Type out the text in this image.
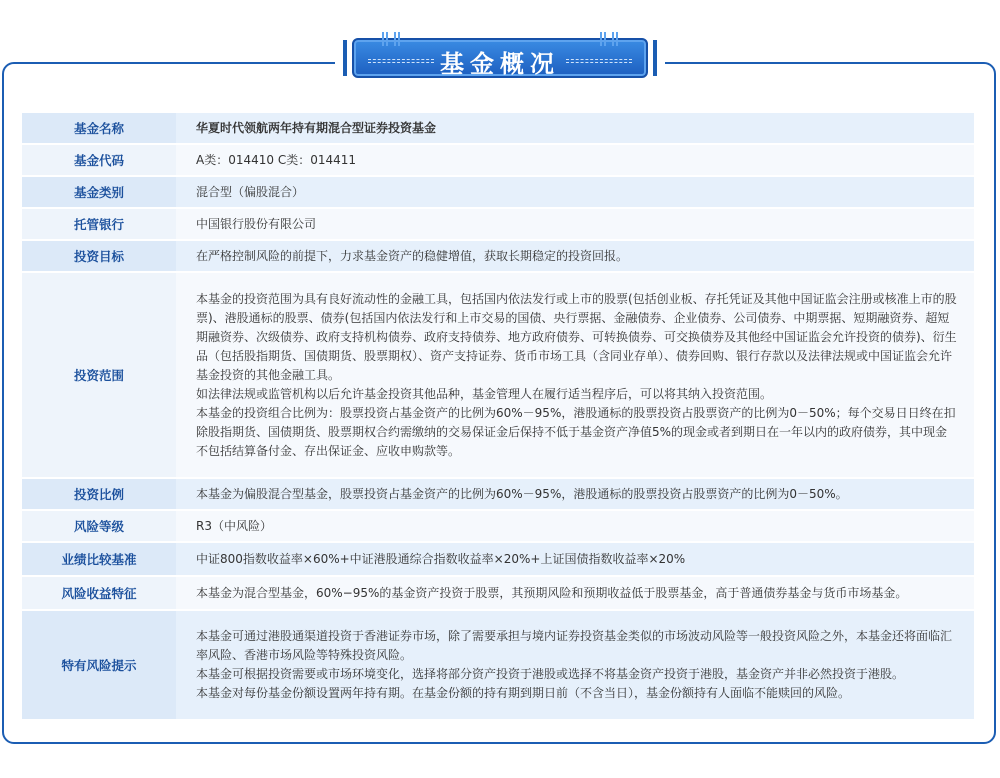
基金概况
基金名称	华夏时代领航两年持有期混合型证券投资基金

基金代码	A类：014410 C类：014411

基金类别	混合型（偏股混合）

托管银行	中国银行股份有限公司

投资目标	在严格控制风险的前提下，力求基金资产的稳健增值，获取长期稳定的投资回报。

投资范围	本基金的投资范围为具有良好流动性的金融工具，包括国内依法发行或上市的股票(包括创业板、存托凭证及其他中国证监会注册或核准上市的股票)、港股通标的股票、债券(包括国内依法发行和上市交易的国债、央行票据、金融债券、企业债券、公司债券、中期票据、短期融资券、超短期融资券、次级债券、政府支持机构债券、政府支持债券、地方政府债券、可转换债券、可交换债券及其他经中国证监会允许投资的债券)、衍生品（包括股指期货、国债期货、股票期权）、资产支持证券、货币市场工具（含同业存单）、债券回购、银行存款以及法律法规或中国证监会允许基金投资的其他金融工具。

如法律法规或监管机构以后允许基金投资其他品种，基金管理人在履行适当程序后，可以将其纳入投资范围。

本基金的投资组合比例为：股票投资占基金资产的比例为60%－95%，港股通标的股票投资占股票资产的比例为0－50%；每个交易日日终在扣除股指期货、国债期货、股票期权合约需缴纳的交易保证金后保持不低于基金资产净值5%的现金或者到期日在一年以内的政府债券，其中现金不包括结算备付金、存出保证金、应收申购款等。

投资比例	本基金为偏股混合型基金，股票投资占基金资产的比例为60%－95%，港股通标的股票投资占股票资产的比例为0－50%。

风险等级	R3（中风险）

业绩比较基准	中证800指数收益率×60%+中证港股通综合指数收益率×20%+上证国债指数收益率×20%

风险收益特征	本基金为混合型基金，60%−95%的基金资产投资于股票，其预期风险和预期收益低于股票基金，高于普通债券基金与货币市场基金。

特有风险提示	本基金可通过港股通渠道投资于香港证券市场，除了需要承担与境内证券投资基金类似的市场波动风险等一般投资风险之外，本基金还将面临汇率风险、香港市场风险等特殊投资风险。

本基金可根据投资需要或市场环境变化，选择将部分资产投资于港股或选择不将基金资产投资于港股，基金资产并非必然投资于港股。

本基金对每份基金份额设置两年持有期。在基金份额的持有期到期日前（不含当日），基金份额持有人面临不能赎回的风险。
